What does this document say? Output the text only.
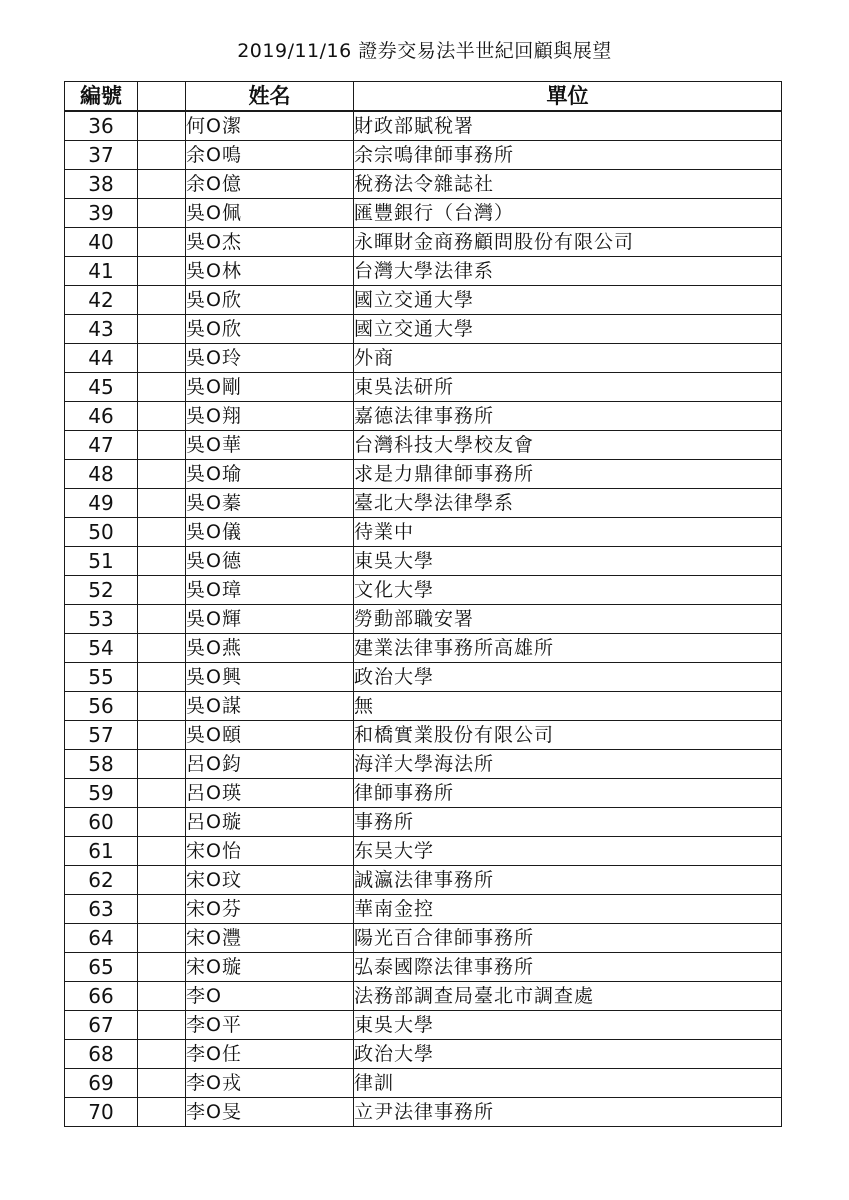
2019/11/16 證券交易法半世紀回顧與展望
編號		姓名	單位
36		何O潔	財政部賦稅署
37		余O鳴	余宗鳴律師事務所
38		余O億	稅務法令雜誌社
39		吳O佩	匯豐銀行（台灣）
40		吳O杰	永暉財金商務顧問股份有限公司
41		吳O林	台灣大學法律系
42		吳O欣	國立交通大學
43		吳O欣	國立交通大學
44		吳O玲	外商
45		吳O剛	東吳法研所
46		吳O翔	嘉德法律事務所
47		吳O華	台灣科技大學校友會
48		吳O瑜	求是力鼎律師事務所
49		吳O蓁	臺北大學法律學系
50		吳O儀	待業中
51		吳O德	東吳大學
52		吳O璋	文化大學
53		吳O輝	勞動部職安署
54		吳O燕	建業法律事務所高雄所
55		吳O興	政治大學
56		吳O謀	無
57		吳O頤	和橋實業股份有限公司
58		呂O鈞	海洋大學海法所
59		呂O瑛	律師事務所
60		呂O璇	事務所
61		宋O怡	东吴大学
62		宋O玟	誠瀛法律事務所
63		宋O芬	華南金控
64		宋O灃	陽光百合律師事務所
65		宋O璇	弘泰國際法律事務所
66		李O	法務部調查局臺北市調查處
67		李O平	東吳大學
68		李O任	政治大學
69		李O戎	律訓
70		李O旻	立尹法律事務所
